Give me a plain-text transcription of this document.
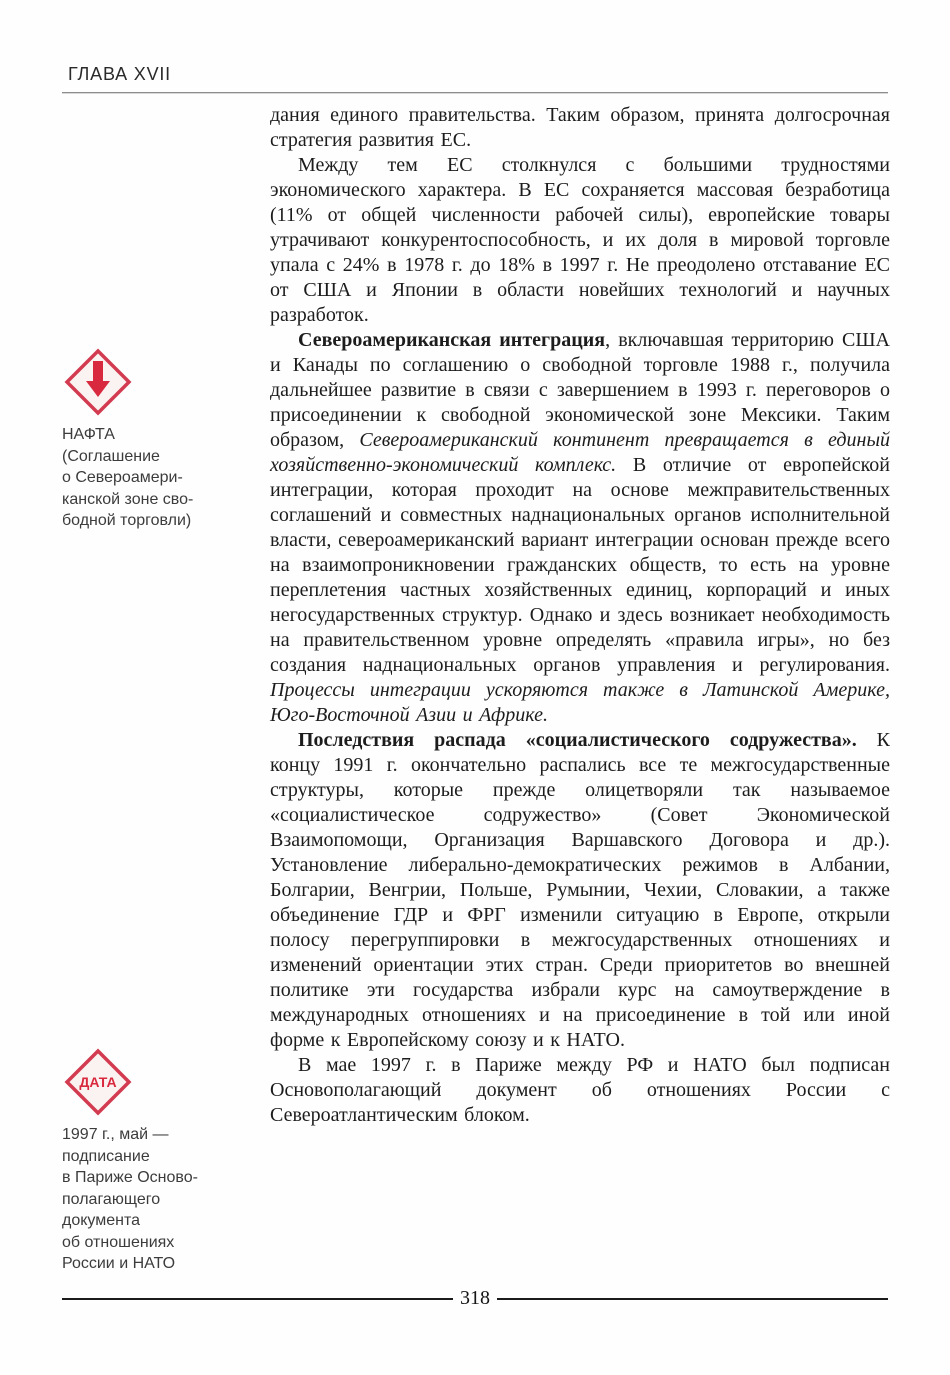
ГЛАВА XVII

дания единого правительства. Таким образом, принята долгосрочная стратегия развития ЕС.

Между тем ЕС столкнулся с большими трудностями экономического характера. В ЕС сохраняется массовая безработица (11% от общей численности рабочей силы), европейские товары утрачивают конкурентоспособность, и их доля в мировой торговле упала с 24% в 1978 г. до 18% в 1997 г. Не преодолено отставание ЕС от США и Японии в области новейших технологий и научных разработок.

Североамериканская интеграция, включавшая территорию США и Канады по соглашению о свободной торговле 1988 г., получила дальнейшее развитие в связи с завершением в 1993 г. переговоров о присоединении к свободной экономической зоне Мексики. Таким образом, Североамериканский континент превращается в единый хозяйственно-экономический комплекс. В отличие от европейской интеграции, которая проходит на основе межправительственных соглашений и совместных наднациональных органов исполнительной власти, североамериканский вариант интеграции основан прежде всего на взаимопроникновении гражданских обществ, то есть на уровне переплетения частных хозяйственных единиц, корпораций и иных негосударственных структур. Однако и здесь возникает необходимость на правительственном уровне определять «правила игры», но без создания наднациональных органов управления и регулирования. Процессы интеграции ускоряются также в Латинской Америке, Юго-Восточной Азии и Африке.

Последствия распада «социалистического содружества». К концу 1991 г. окончательно распались все те межгосударственные структуры, которые прежде олицетворяли так называемое «социалистическое содружество» (Совет Экономической Взаимопомощи, Организация Варшавского Договора и др.). Установление либерально-демократических режимов в Албании, Болгарии, Венгрии, Польше, Румынии, Чехии, Словакии, а также объединение ГДР и ФРГ изменили ситуацию в Европе, открыли полосу перегруппировки в межгосударственных отношениях и изменений ориентации этих стран. Среди приоритетов во внешней политике эти государства избрали курс на самоутверждение в международных отношениях и на присоединение в той или иной форме к Европейскому союзу и к НАТО.

В мае 1997 г. в Париже между РФ и НАТО был подписан Основополагающий документ об отношениях России с Североатлантическим блоком.

НАФТА
(Соглашение
о Североамери-
канской зоне сво-
бодной торговли)
ДАТА
1997 г., май —
подписание
в Париже Осново-
полагающего
документа
об отношениях
России и НАТО
318
